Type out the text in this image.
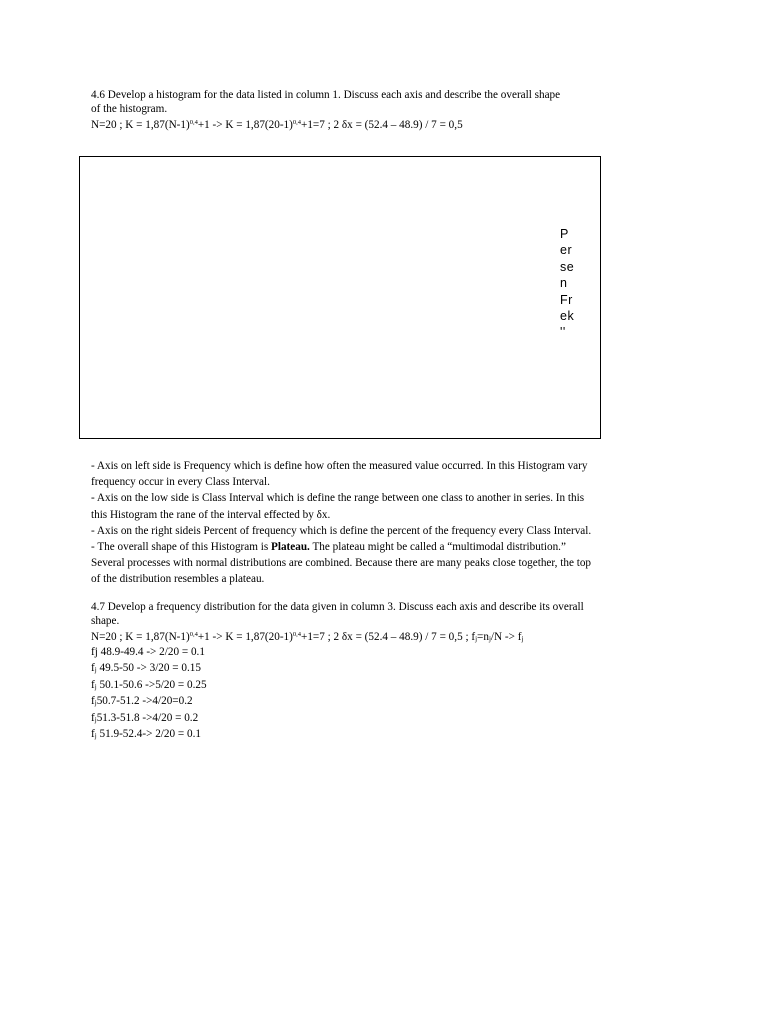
4.6 Develop a histogram for the data listed in column 1. Discuss each axis and describe the overall shape
of the histogram.
N=20 ; $K = 1,87(N-1)^{0,4}+1 -> K = 1,87(20-1)^{0,4}+1=7$ ; 2 δx = (52.4 – 48.9) / 7 = 0,5
P
er
se
n
Fr
ek
''
- Axis on left side is Frequency which is define how often the measured value occurred. In this Histogram vary
frequency occur in every Class Interval.
- Axis on the low side is Class Interval which is define the range between one class to another in series. In this
this Histogram the rane of the interval effected by δx.
- Axis on the right sideis Percent of frequency which is define the percent of the frequency every Class Interval.
- The overall shape of this Histogram is Plateau. The plateau might be called a “multimodal distribution.”
Several processes with normal distributions are combined. Because there are many peaks close together, the top
of the distribution resembles a plateau.
4.7 Develop a frequency distribution for the data given in column 3. Discuss each axis and describe its overall
shape.
N=20 ; $K = 1,87(N-1)^{0,4}+1 -> K = 1,87(20-1)^{0,4}+1=7$ ; 2 δx = (52.4 – 48.9) / 7 = 0,5 ; $f_j=n_j/N -> f_j$
fj 48.9-49.4 -> 2/20 = 0.1
$f_j$ 49.5-50 -> 3/20 = 0.15
$f_j$ 50.1-50.6 ->5/20 = 0.25
$f_j50.7-51.2$ ->4/20=0.2
$f_j51.3-51.8$ ->4/20 = 0.2
$f_j$ 51.9-52.4-> 2/20 = 0.1
